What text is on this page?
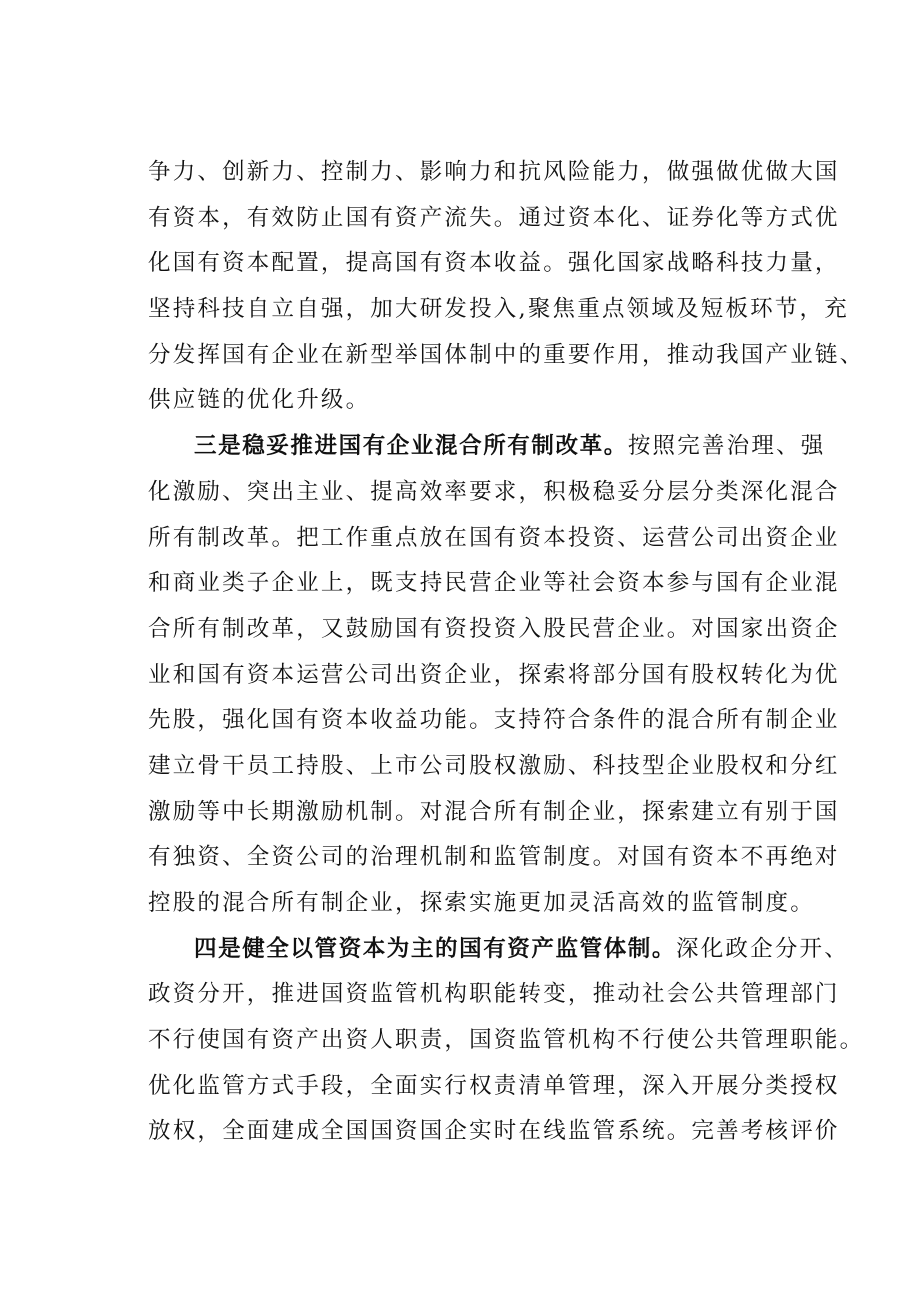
争力、创新力、控制力、影响力和抗风险能力，做强做优做大国
有资本，有效防止国有资产流失。通过资本化、证券化等方式优
化国有资本配置，提高国有资本收益。强化国家战略科技力量，
坚持科技自立自强，加大研发投入,聚焦重点领域及短板环节，充
分发挥国有企业在新型举国体制中的重要作用，推动我国产业链、
供应链的优化升级。
三是稳妥推进国有企业混合所有制改革。按照完善治理、强
化激励、突出主业、提高效率要求，积极稳妥分层分类深化混合
所有制改革。把工作重点放在国有资本投资、运营公司出资企业
和商业类子企业上，既支持民营企业等社会资本参与国有企业混
合所有制改革，又鼓励国有资投资入股民营企业。对国家出资企
业和国有资本运营公司出资企业，探索将部分国有股权转化为优
先股，强化国有资本收益功能。支持符合条件的混合所有制企业
建立骨干员工持股、上市公司股权激励、科技型企业股权和分红
激励等中长期激励机制。对混合所有制企业，探索建立有别于国
有独资、全资公司的治理机制和监管制度。对国有资本不再绝对
控股的混合所有制企业，探索实施更加灵活高效的监管制度。
四是健全以管资本为主的国有资产监管体制。深化政企分开、
政资分开，推进国资监管机构职能转变，推动社会公共管理部门
不行使国有资产出资人职责，国资监管机构不行使公共管理职能。
优化监管方式手段，全面实行权责清单管理，深入开展分类授权
放权，全面建成全国国资国企实时在线监管系统。完善考核评价
